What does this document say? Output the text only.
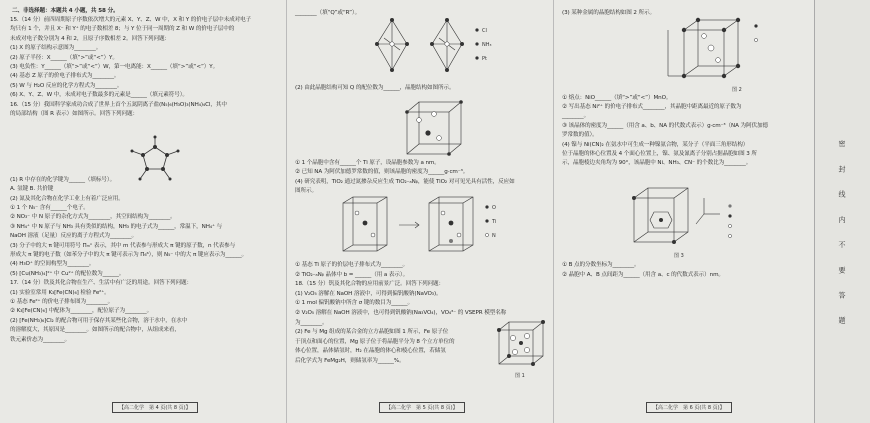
二、非选择题：本题共 4 小题，共 58 分。
15.（14 分）前四周期原子序数依次增大的元素 X、Y、Z、W 中，X 和 Y 的价电子层中未成对电子
均只有 1 个，并且 X⁻ 和 Y⁺ 的电子数相差 8；与 Y 位于同一周期的 Z 和 W 的价电子层中的
未成对电子数分别为 4 和 2，且原子序数相差 2。回答下列问题：
(1) X 的原子结构示意图为________。
(2) 原子半径：X______（填“>”或“<”）Y。
(3) 电负性：Y______（填“>”或“<”）W，第一电离能：X______（填“>”或“<”）Y。
(4) 基态 Z 原子的价电子排布式为________。
(5) W 与 H₂O 反应的化学方程式为________。
(6) X、Y、Z、W 中，未成对电子数最多的元素是______（填元素符号）。
16.（15 分）我国科学家成功合成了世界上首个五氮阴离子盐(N₅)₆(H₃O)₃(NH₄)₄Cl，其中
的局部结构（图 R 表示）如图所示。回答下列问题：
(1) R 中存在的化学键为______（填标号）。
A. 氢键 B. 共价键
(2) 氮及其化合物在化学工业上有着广泛应用。
① 1 个 N₅⁻ 含有______个电子。
② NO₃⁻ 中 N 原子的杂化方式为________，其空间结构为________。
③ NH₄⁺ 中 N 原子与 NH₃ 具有类似的结构，NH₃ 的电子式为______，常温下，NH₄⁺ 与
NaOH 溶液（足量）反应的离子方程式为________。
(3) 分子中的大 π 键可用符号 Πₘⁿ 表示，其中 m 代表参与形成大 π 键的原子数，n 代表参与
形成大 π 键的电子数（如苯分子中的大 π 键可表示为 Π₆⁶），则 N₅⁻ 中的大 π 键应表示为______。
(4) H₃O⁺ 的空间构型为________。
(5) [Cu(NH₃)₄]²⁺ 中 Cu²⁺ 的配位数为______。
17.（14 分）铁及其化合物在生产、生活中有广泛的用途。回答下列问题：
(1) 实验室常用 K₃[Fe(CN)₆] 检验 Fe²⁺。
① 基态 Fe²⁺ 的价电子排布图为________。
② K₃[Fe(CN)₆] 中配体为________，配位原子为________。
(2) [Fe(NH₃)₆]Cl₂ 的配合物可用于保存其某些化合物，溶于水中，在水中
的溶解度大，其原因是________。如图所示的配合物中，从组成来看，
铁元素价态为________。
【高二化学　第 4 页(共 8 页)】
________（填“Q”或“R”）。
(2) 由此晶胞结构可知 Q 的配位数为______，晶胞结构如图所示。
Cl
NH₃
Pt
① 1 个晶胞中含有______个 Ti 原子，设晶胞参数为 a nm。
② 已知 NA 为阿伏加德罗常数的值，则该晶胞的密度为______g·cm⁻³。
(4) 研究表明，TiO₂ 通过氮掺杂反应生成 TiO₂₋ₐNᵦ，能使 TiO₂ 对可见光具有活性，反应如
图所示。
O
Ti
N
① 基态 Ti 原子的价层电子排布式为________。
② TiO₂₋ₐNᵦ 晶体中 b = ______（用 a 表示）。
18.（15 分）钒及其化合物的应用前景广泛。回答下列问题：
(1) V₂O₅ 溶解在 NaOH 溶液中，可得到偏钒酸钠(NaVO₃)。
① 1 mol 偏钒酸钠中所含 σ 键的数目为______。
② V₂O₅ 溶解在 NaOH 溶液中，也可得到钒酸钠(Na₃VO₄)，VO₄³⁻ 的 VSEPR 模型名称
为________。
(2) Fe 与 Mg 组成的某合金的立方晶胞如图 1 所示，Fe 原子位
于顶点和面心的位置，Mg 原子位于将晶胞平分为 8 个立方单位的
体心位置，晶体储氢时，H₂ 在晶胞的体心和棱心位置，若储氢
后化学式为 FeMg₂H，则储氢率为______%。
图 1
【高二化学　第 5 页(共 8 页)】
(3) 某种金属的晶胞结构如图 2 所示。
① 熔点：NiO______（填“>”或“<”）MnO。
② 写出基态 Ni²⁺ 的价电子排布式________，其晶胞中距离最近的原子数为
________。
③ 该晶体的密度为______（用含 a、b、NA 的代数式表示）g·cm⁻³（NA 为阿伏加德
罗常数的值）。
(4) 镍与 Ni(CN)₂ 在氨水中可生成一种镍氨合物，某分子（平面三角形结构）
位于晶胞的体心位置及 4 个面心位置上，镍、氨及氰离子分别占据晶胞如图 3 所
示，晶胞棱边夹角均为 90°，该晶胞中 Ni、NH₃、CN⁻ 的个数比为________。
图 2
① B 点的分数坐标为________。
② 晶胞中 A、B 点间距为______（用含 a、c 的代数式表示）nm。
图 3
【高二化学　第 6 页(共 8 页)】
密 封 线 内 不 要 答 题
